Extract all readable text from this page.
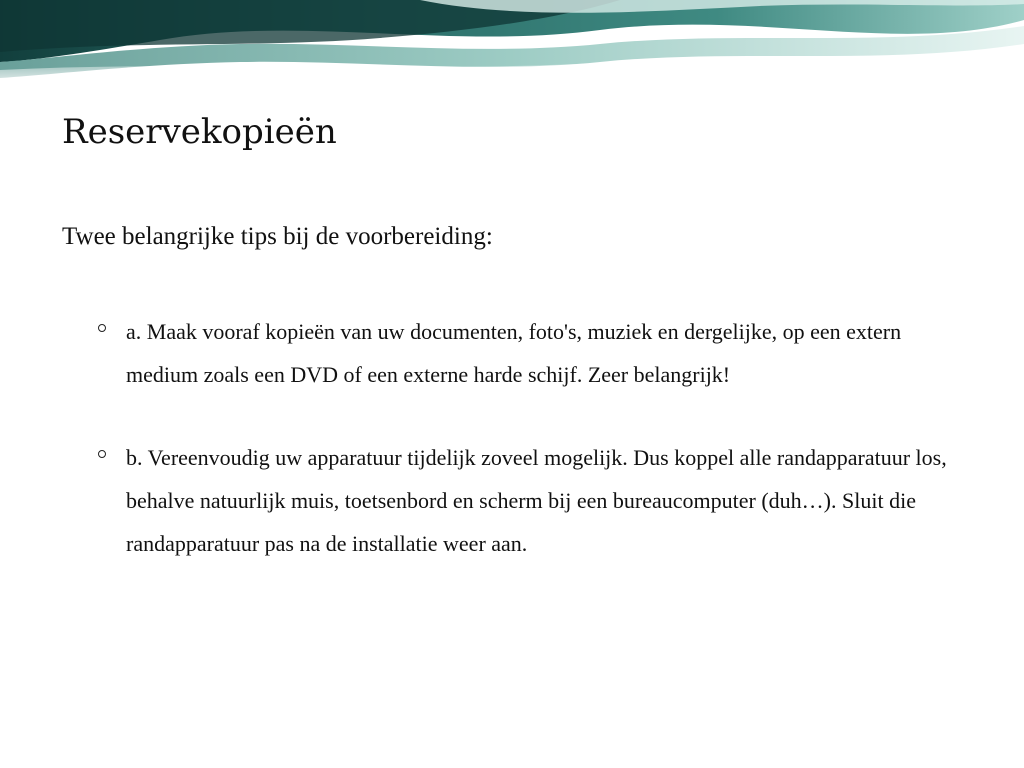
Reservekopieën

Twee belangrijke tips bij de voorbereiding:

a. Maak vooraf kopieën van uw documenten, foto's, muziek en dergelijke, op een extern medium zoals een DVD of een externe harde schijf. Zeer belangrijk!
b. Vereenvoudig uw apparatuur tijdelijk zoveel mogelijk. Dus koppel alle randapparatuur los, behalve natuurlijk muis, toetsenbord en scherm bij een bureaucomputer (duh…). Sluit die randapparatuur pas na de installatie weer aan.
